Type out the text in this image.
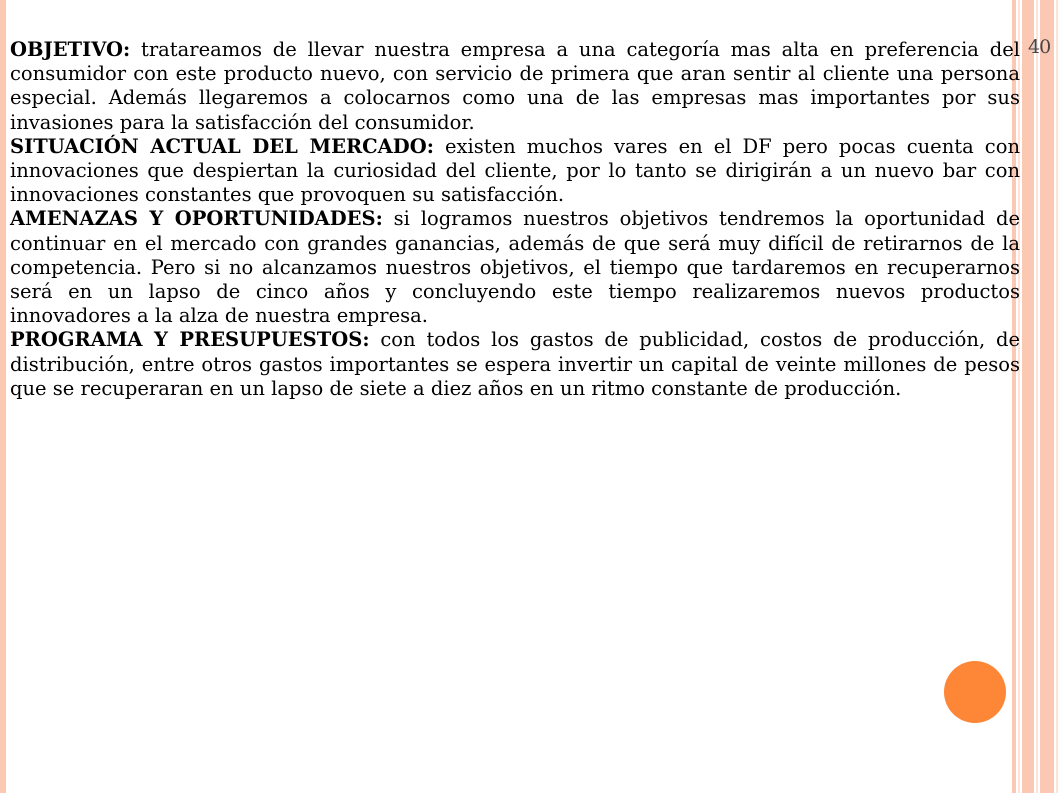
40

OBJETIVO: tratareamos de llevar nuestra empresa a una categoría mas alta en preferencia del consumidor con este producto nuevo, con servicio de primera que aran sentir al cliente una persona especial. Además llegaremos a colocarnos como una de las empresas mas importantes por sus invasiones para la satisfacción del consumidor.

SITUACIÓN ACTUAL DEL MERCADO: existen muchos vares en el DF pero pocas cuenta con innovaciones que despiertan la curiosidad del cliente, por lo tanto se dirigirán a un nuevo bar con innovaciones constantes que provoquen su satisfacción.

AMENAZAS Y OPORTUNIDADES: si logramos nuestros objetivos tendremos la oportunidad de continuar en el mercado con grandes ganancias, además de que será muy difícil de retirarnos de la competencia. Pero si no alcanzamos nuestros objetivos, el tiempo que tardaremos en recuperarnos será en un lapso de cinco años y concluyendo este tiempo realizaremos nuevos productos innovadores a la alza de nuestra empresa.

PROGRAMA Y PRESUPUESTOS: con todos los gastos de publicidad, costos de producción, de distribución, entre otros gastos importantes se espera invertir un capital de veinte millones de pesos que se recuperaran en un lapso de siete a diez años en un ritmo constante de producción.
